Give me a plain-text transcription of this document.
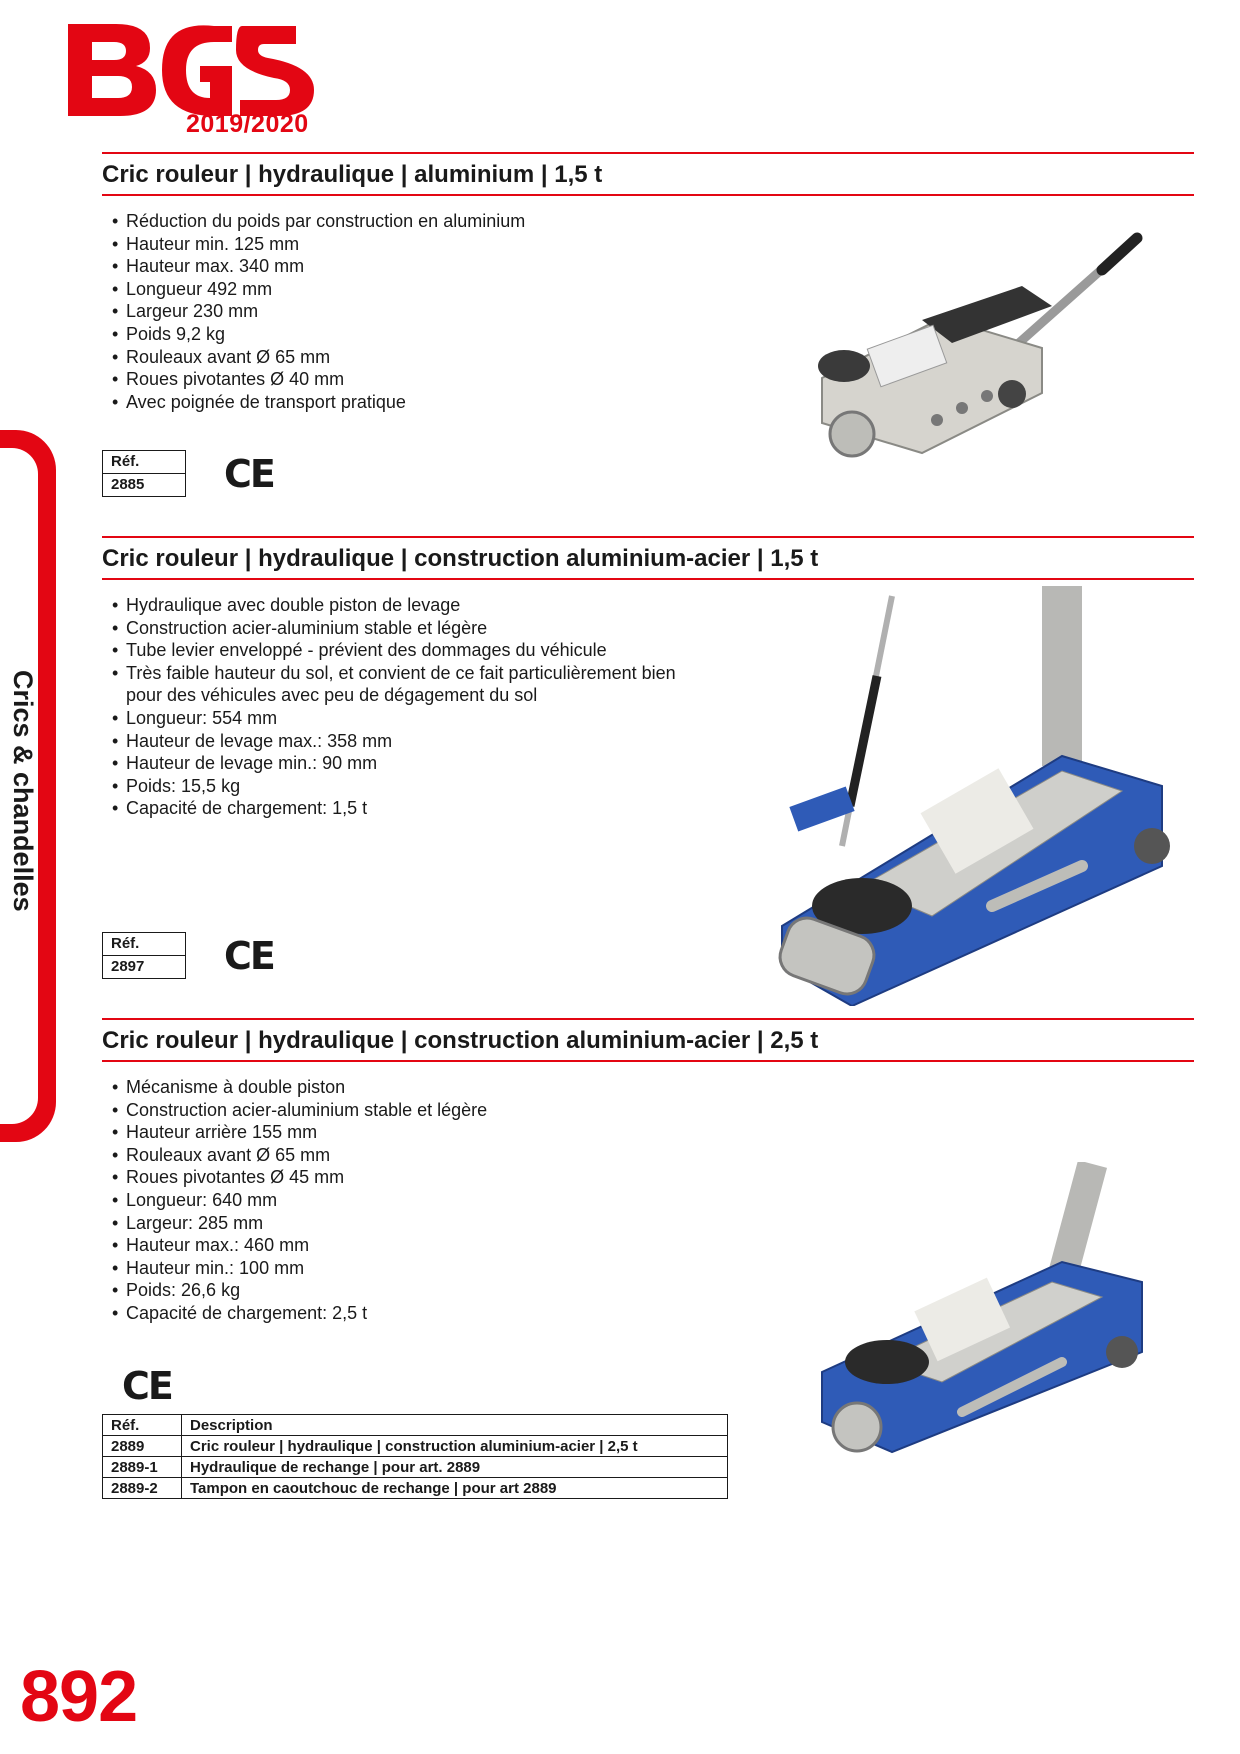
2019/2020
Crics & chandelles
Cric rouleur | hydraulique | aluminium | 1,5 t
• Réduction du poids par construction en aluminium
• Hauteur min. 125 mm
• Hauteur max. 340 mm
• Longueur 492 mm
• Largeur 230 mm
• Poids 9,2 kg
• Rouleaux avant Ø 65 mm
• Roues pivotantes Ø 40 mm
• Avec poignée de transport pratique
Réf.
2885	CE
Cric rouleur | hydraulique | construction aluminium-acier | 1,5 t
• Hydraulique avec double piston de levage
• Construction acier-aluminium stable et légère
• Tube levier enveloppé - prévient des dommages du véhicule
• Très faible hauteur du sol, et convient de ce fait particulièrement bien pour des véhicules avec peu de dégagement du sol
• Longueur: 554 mm
• Hauteur de levage max.: 358 mm
• Hauteur de levage min.: 90 mm
• Poids: 15,5 kg
• Capacité de chargement: 1,5 t
Réf.
2897	CE
Cric rouleur | hydraulique | construction aluminium-acier | 2,5 t
• Mécanisme à double piston
• Construction acier-aluminium stable et légère
• Hauteur arrière 155 mm
• Rouleaux avant Ø 65 mm
• Roues pivotantes Ø 45 mm
• Longueur: 640 mm
• Largeur: 285 mm
• Hauteur max.: 460 mm
• Hauteur min.: 100 mm
• Poids: 26,6 kg
• Capacité de chargement: 2,5 t
CE
Réf.	Description
2889	Cric rouleur | hydraulique | construction aluminium-acier | 2,5 t
2889-1	Hydraulique de rechange | pour art. 2889
2889-2	Tampon en caoutchouc de rechange | pour art 2889
892
